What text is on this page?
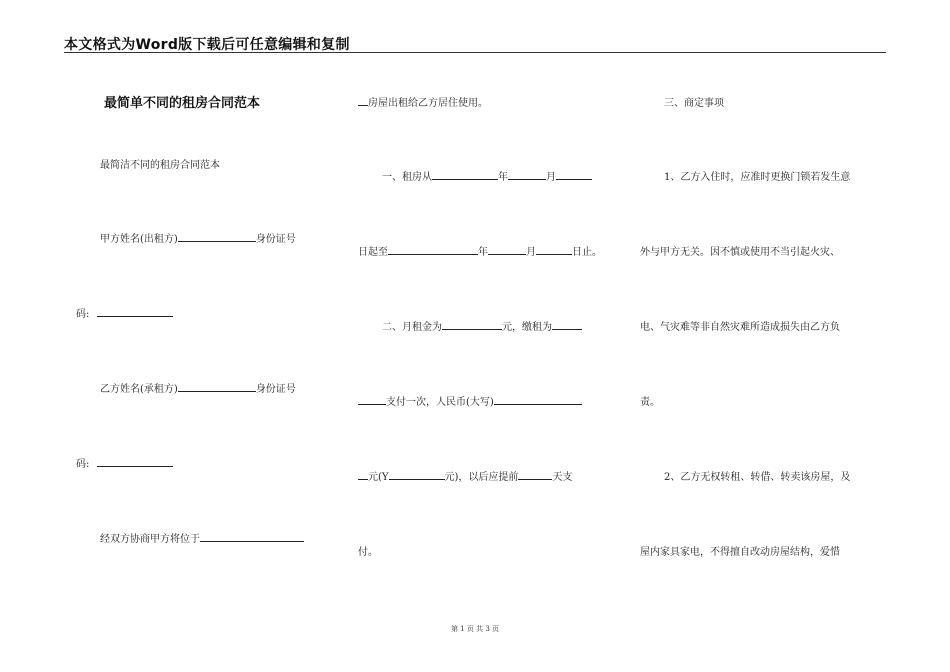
本文格式为Word版下载后可任意编辑和复制
最简单不同的租房合同范本
最简洁不同的租房合同范本
甲方姓名(出租方)	身份证号
码:
乙方姓名(承租方)	身份证号
码:
经双方协商甲方将位于
房屋出租给乙方居住使用。
一、租房从	年	月
日起至	年	月	日止。
二、月租金为	元，缴租为
支付一次，人民币(大写)
元(Y	元)，以后应提前	天支
付。
三、商定事项
1、乙方入住时，应准时更换门锁若发生意
外与甲方无关。因不慎或使用不当引起火灾、
电、气灾难等非自然灾难所造成损失由乙方负
责。
2、乙方无权转租、转借、转卖该房屋，及
屋内家具家电，不得擅自改动房屋结构，爱惜
第 1 页 共 3 页
